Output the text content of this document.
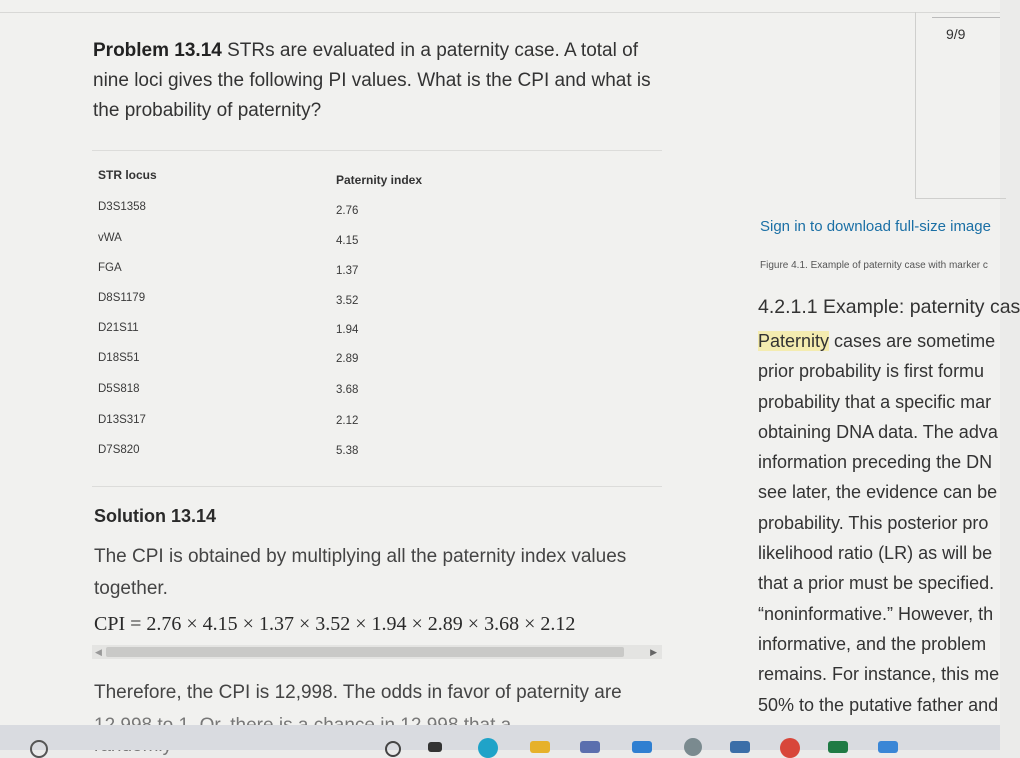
Problem 13.14 STRs are evaluated in a paternity case. A total of
nine loci gives the following PI values. What is the CPI and what is
the probability of paternity?
STR locus	Paternity index
D3S1358	2.76
vWA	4.15
FGA	1.37
D8S1179	3.52
D21S11	1.94
D18S51	2.89
D5S818	3.68
D13S317	2.12
D7S820	5.38
Solution 13.14
The CPI is obtained by multiplying all the paternity index values
together.
CPI = 2.76 × 4.15 × 1.37 × 3.52 × 1.94 × 2.89 × 3.68 × 2.12
◀	▶
Therefore, the CPI is 12,998. The odds in favor of paternity are
9/9
Sign in to download full-size image
Figure 4.1. Example of paternity case with marker c
4.2.1.1 Example: paternity cas
Paternity cases are sometime
prior probability is first formu
probability that a specific mar
obtaining DNA data. The adva
information preceding the DN
see later, the evidence can be
probability. This posterior pro
likelihood ratio (LR) as will be
that a prior must be specified.
“noninformative.” However, th
informative, and the problem
remains. For instance, this me
50% to the putative father and
